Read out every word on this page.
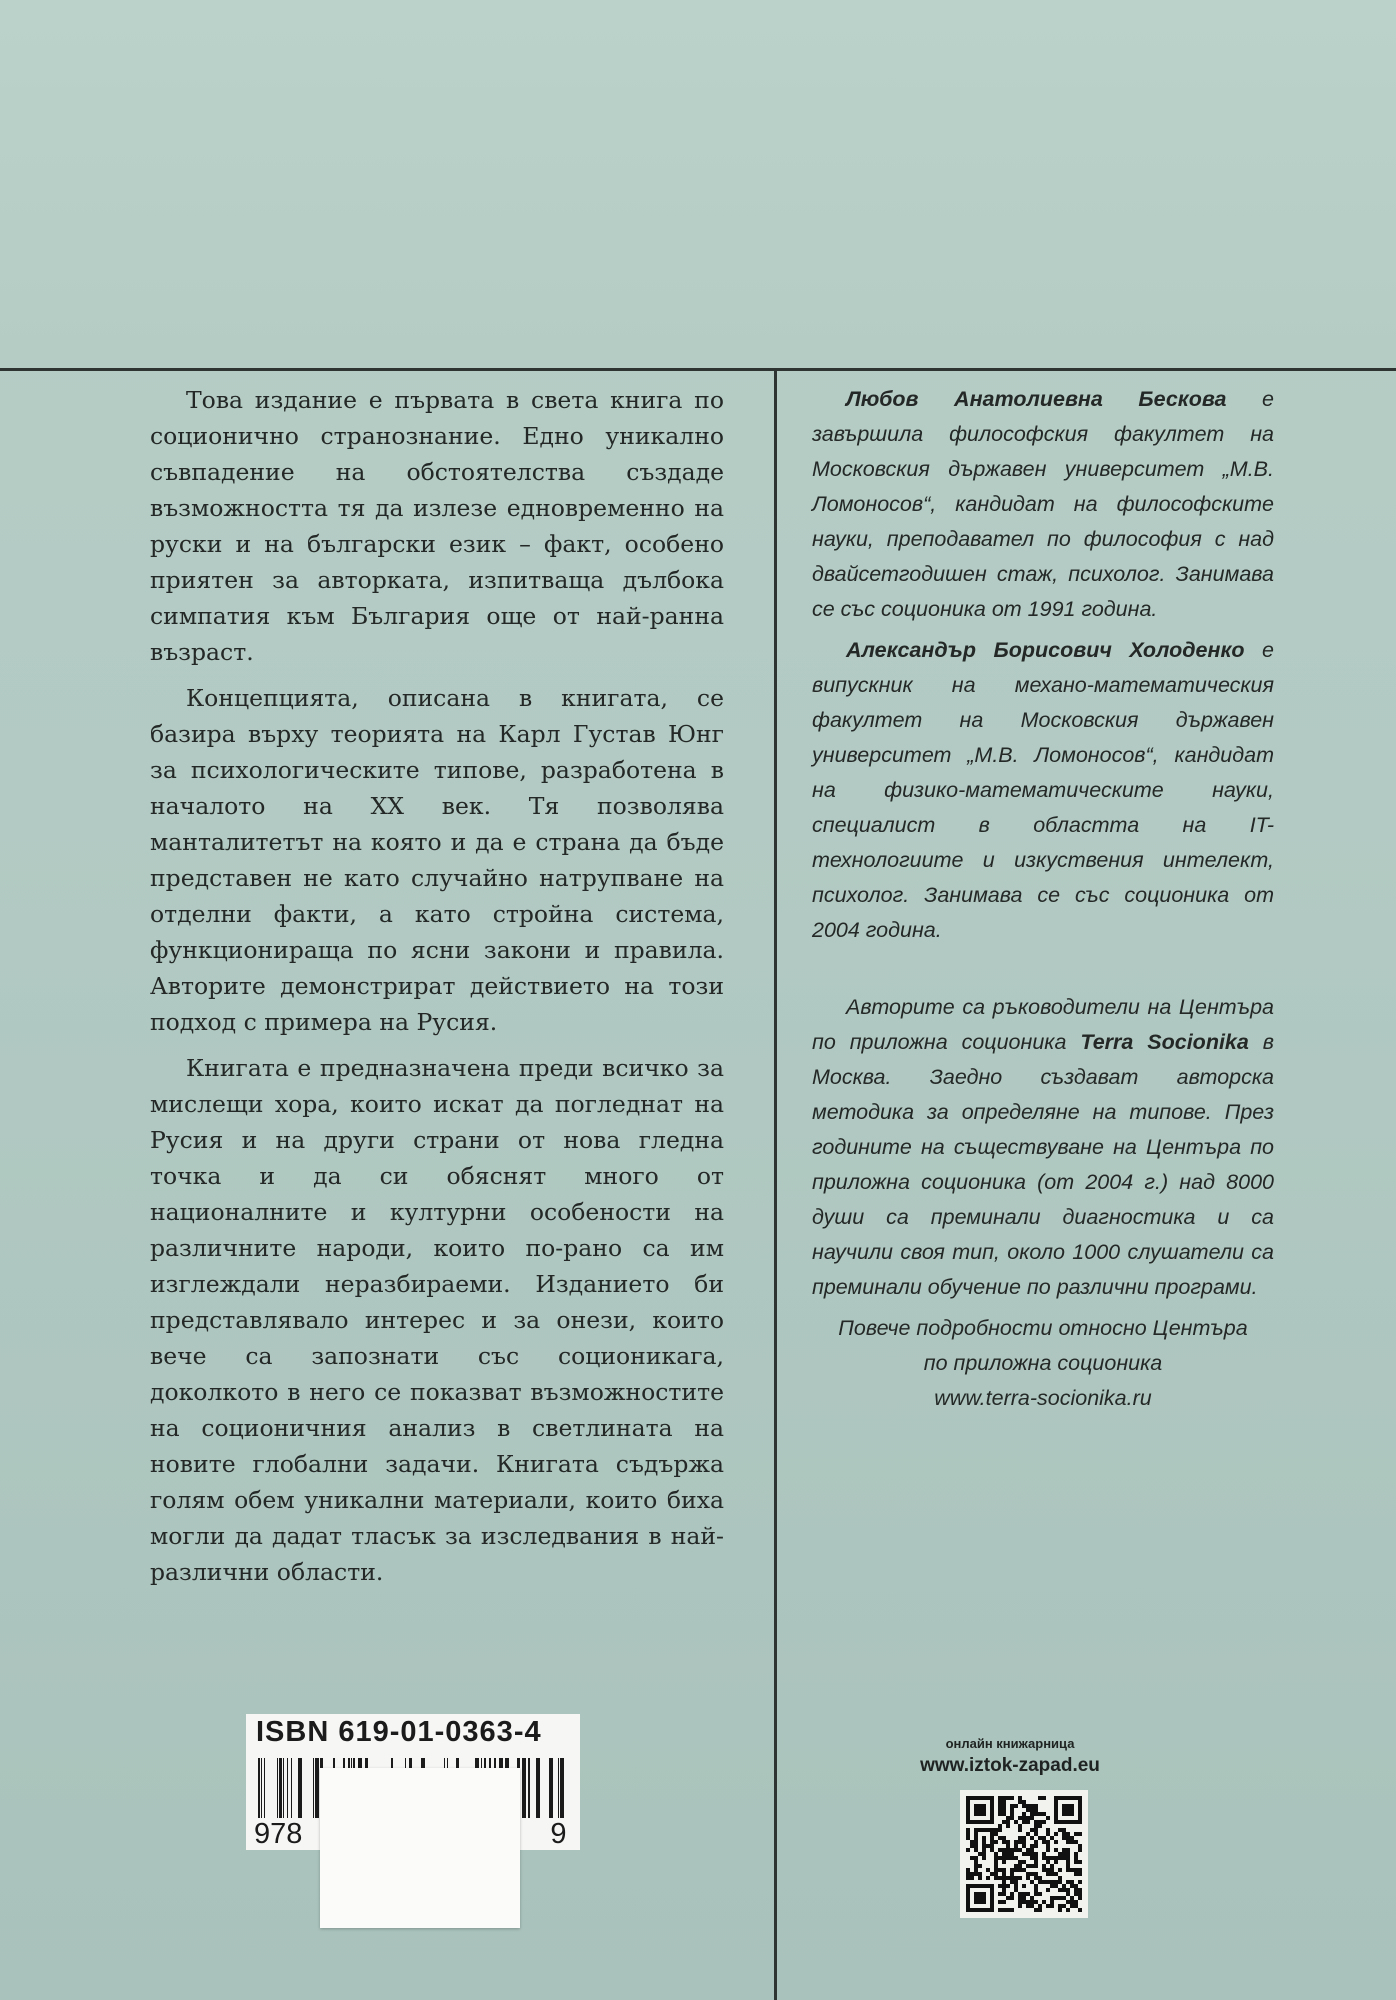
Това издание е първата в света книга по соционично странознание. Едно уникално съвпадение на обстоятелства създаде възможността тя да излезе едновременно на руски и на български език – факт, особено приятен за авторката, изпитваща дълбока симпатия към България още от най-ранна възраст.

Концепцията, описана в книгата, се базира върху теорията на Карл Густав Юнг за психологическите типове, разработена в началото на XX век. Тя позволява манталитетът на която и да е страна да бъде представен не като случайно натрупване на отделни факти, а като стройна система, функционираща по ясни закони и правила. Авторите демонстрират действието на този подход с примера на Русия.

Книгата е предназначена преди всичко за мислещи хора, които искат да погледнат на Русия и на други страни от нова гледна точка и да си обяснят много от националните и културни особености на различните народи, които по-рано са им изглеждали неразбираеми. Изданието би представлявало интерес и за онези, които вече са запознати със соционикага, доколкото в него се показват възможностите на соционичния анализ в светлината на новите глобални задачи. Книгата съдържа голям обем уникални материали, които биха могли да дадат тласък за изследвания в най-различни области.

Любов Анатолиевна Бескова е завършила философския факултет на Московския държавен университет „М.В. Ломоносов“, кандидат на философските науки, преподавател по философия с над двайсетгодишен стаж, психолог. Занимава се със соционика от 1991 година.

Александър Борисович Холоденко е випускник на механо-математическия факултет на Московския държавен университет „М.В. Ломоносов“, кандидат на физико-математическите науки, специалист в областта на IT-технологиите и изкуствения интелект, психолог. Занимава се със соционика от 2004 година.

Авторите са ръководители на Центъра по приложна соционика Terra Socionika в Москва. Заедно създават авторска методика за определяне на типове. През годините на съществуване на Центъра по приложна соционика (от 2004 г.) над 8000 души са преминали диагностика и са научили своя тип, около 1000 слушатели са преминали обучение по различни програми.

Повече подробности относно Центъра

по приложна соционика

www.terra-socionika.ru

ISBN 619-01-0363-4
978	9
онлайн книжарница
www.iztok-zapad.eu
